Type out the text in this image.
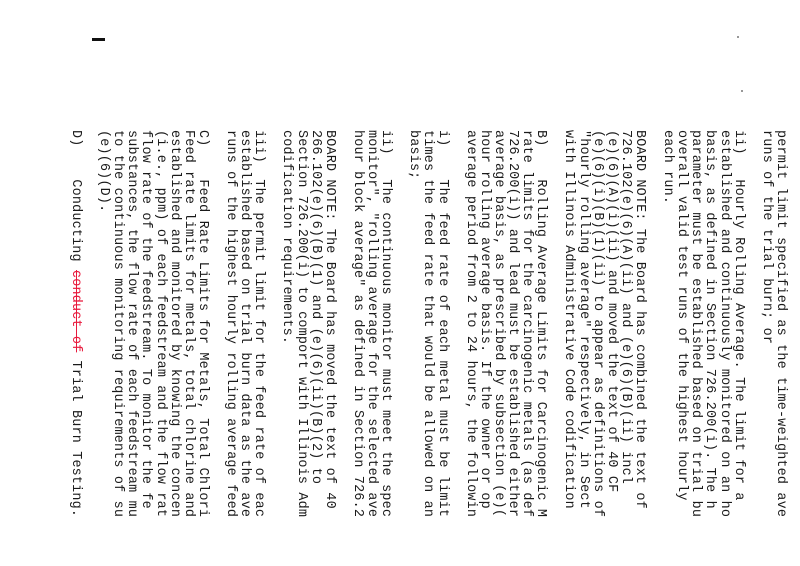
permit limit specified as the time-weighted ave
runs of the trial burn; or
ii)   Hourly Rolling Average. The limit for a
established and continuously monitored on an ho
basis, as defined in Section 726.200(i). The h
parameter must be established based on trial bu
overall valid test runs of the highest hourly
each run.
BOARD NOTE: The Board has combined the text of
726.102(e)(6)(A)(ii) and (e)(6)(B)(ii) incl
(e)(6)(A)(i)(ii) and moved the text of 40 CF
(e)(6)(i)(B)(1)(ii) to appear as definitions of
"hourly rolling average" respectively, in Sect
with Illinois Administrative Code codification
B)    Rolling Average Limits for Carcinogenic M
rate limits for the carcinogenic metals (as def
726.200(i)) and lead must be established either
average basis, as prescribed by subsection (e)(
hour rolling average basis. If the owner or op
average period from 2 to 24 hours, the followin
i)    The feed rate of each metal must be limit
times the feed rate that would be allowed on an
basis;
ii)   The continuous monitor must meet the spec
monitor", "rolling average for the selected ave
hour block average" as defined in Section 726.2
BOARD NOTE: The Board has moved the text of 40
266.102(e)(6)(B)(1) and (e)(6)(ii)(B)(2) to
Section 726.200(i) to comport with Illinois Adm
codification requirements.
iii)  The permit limit for the feed rate of eac
established based on trial burn data as the ave
runs of the highest hourly rolling average feed
C)    Feed Rate Limits for Metals, Total Chlori
Feed rate limits for metals, total chlorine and
established and monitored by knowing the concen
(i.e., ppm) of each feedstream and the flow rat
flow rate of the feedstream. To monitor the fe
substances, the flow rate of each feedstream mu
to the continuous monitoring requirements of su
(e)(6)(D).
D)    Conducting conduct of Trial Burn Testing.
